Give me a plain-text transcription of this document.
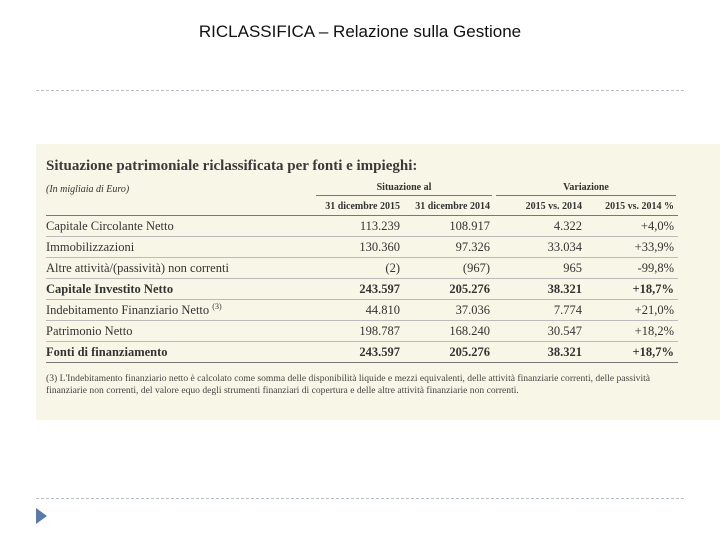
RICLASSIFICA – Relazione sulla Gestione
Situazione patrimoniale riclassificata per fonti e impieghi:
(In migliaia di Euro)	Situazione al		Variazione	

	31 dicembre 2015	31 dicembre 2014	2015 vs. 2014	2015 vs. 2014 %
Capitale Circolante Netto	113.239	108.917	4.322	+4,0%
Immobilizzazioni	130.360	97.326	33.034	+33,9%
Altre attività/(passività) non correnti	(2)	(967)	965	-99,8%
Capitale Investito Netto	243.597	205.276	38.321	+18,7%
Indebitamento Finanziario Netto $^{(3)}$	44.810	37.036	7.774	+21,0%
Patrimonio Netto	198.787	168.240	30.547	+18,2%
Fonti di finanziamento	243.597	205.276	38.321	+18,7%
(3) L'Indebitamento finanziario netto è calcolato come somma delle disponibilità liquide e mezzi equivalenti, delle attività finanziarie correnti, delle passività finanziarie non correnti, del valore equo degli strumenti finanziari di copertura e delle altre attività finanziarie non correnti.
